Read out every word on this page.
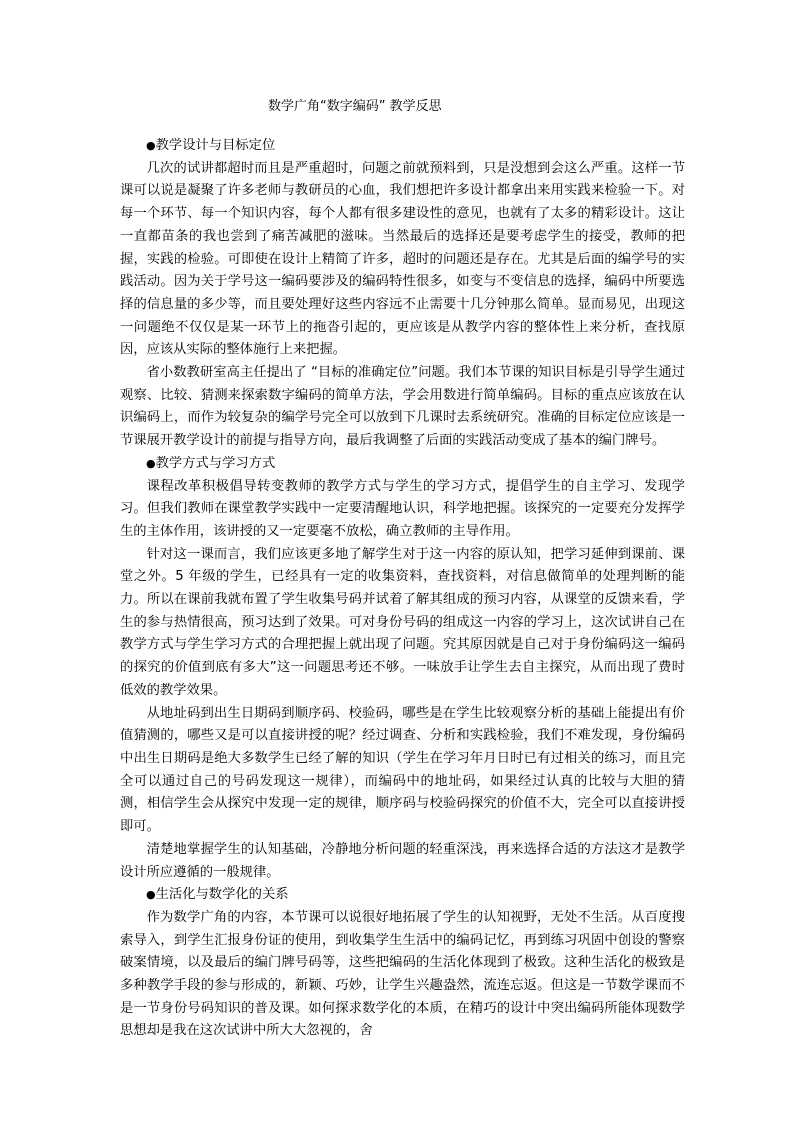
数学广角“数字编码” 教学反思
●教学设计与目标定位

几次的试讲都超时而且是严重超时，问题之前就预料到，只是没想到会这么严重。这样一节课可以说是凝聚了许多老师与教研员的心血，我们想把许多设计都拿出来用实践来检验一下。对每一个环节、每一个知识内容，每个人都有很多建设性的意见，也就有了太多的精彩设计。这让一直都苗条的我也尝到了痛苦减肥的滋味。当然最后的选择还是要考虑学生的接受，教师的把握，实践的检验。可即使在设计上精简了许多，超时的问题还是存在。尤其是后面的编学号的实践活动。因为关于学号这一编码要涉及的编码特性很多，如变与不变信息的选择，编码中所要选择的信息量的多少等，而且要处理好这些内容远不止需要十几分钟那么简单。显而易见，出现这一问题绝不仅仅是某一环节上的拖沓引起的，更应该是从教学内容的整体性上来分析，查找原因，应该从实际的整体施行上来把握。

省小数教研室高主任提出了 “目标的准确定位”问题。我们本节课的知识目标是引导学生通过观察、比较、猜测来探索数字编码的简单方法，学会用数进行简单编码。目标的重点应该放在认识编码上，而作为较复杂的编学号完全可以放到下几课时去系统研究。准确的目标定位应该是一节课展开教学设计的前提与指导方向，最后我调整了后面的实践活动变成了基本的编门牌号。

●教学方式与学习方式

课程改革积极倡导转变教师的教学方式与学生的学习方式，提倡学生的自主学习、发现学习。但我们教师在课堂教学实践中一定要清醒地认识，科学地把握。该探究的一定要充分发挥学生的主体作用，该讲授的又一定要毫不放松，确立教师的主导作用。

针对这一课而言，我们应该更多地了解学生对于这一内容的原认知，把学习延伸到课前、课堂之外。5 年级的学生，已经具有一定的收集资料，查找资料，对信息做简单的处理判断的能力。所以在课前我就布置了学生收集号码并试着了解其组成的预习内容，从课堂的反馈来看，学生的参与热情很高，预习达到了效果。可对身份号码的组成这一内容的学习上，这次试讲自己在教学方式与学生学习方式的合理把握上就出现了问题。究其原因就是自己对于身份编码这一编码的探究的价值到底有多大”这一问题思考还不够。一味放手让学生去自主探究，从而出现了费时低效的教学效果。

从地址码到出生日期码到顺序码、校验码，哪些是在学生比较观察分析的基础上能提出有价值猜测的，哪些又是可以直接讲授的呢？经过调查、分析和实践检验，我们不难发现，身份编码中出生日期码是绝大多数学生已经了解的知识（学生在学习年月日时已有过相关的练习，而且完全可以通过自己的号码发现这一规律），而编码中的地址码，如果经过认真的比较与大胆的猜测，相信学生会从探究中发现一定的规律，顺序码与校验码探究的价值不大，完全可以直接讲授即可。

清楚地掌握学生的认知基础，冷静地分析问题的轻重深浅，再来选择合适的方法这才是教学设计所应遵循的一般规律。

●生活化与数学化的关系

作为数学广角的内容，本节课可以说很好地拓展了学生的认知视野，无处不生活。从百度搜索导入，到学生汇报身份证的使用，到收集学生生活中的编码记忆，再到练习巩固中创设的警察破案情境，以及最后的编门牌号码等，这些把编码的生活化体现到了极致。这种生活化的极致是多种教学手段的参与形成的，新颖、巧妙，让学生兴趣盎然，流连忘返。但这是一节数学课而不是一节身份号码知识的普及课。如何探求数学化的本质，在精巧的设计中突出编码所能体现数学思想却是我在这次试讲中所大大忽视的，舍
